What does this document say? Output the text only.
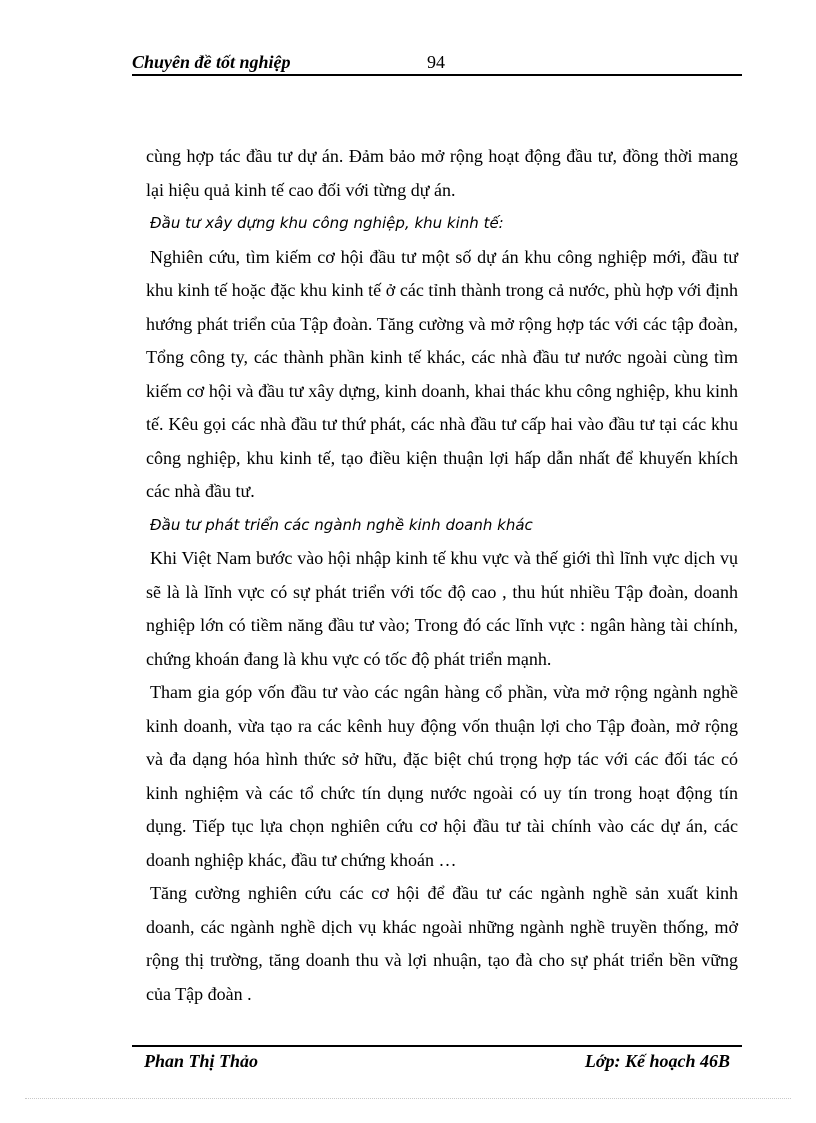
Chuyên đề tốt nghiệp	94

cùng hợp tác đầu tư dự án. Đảm bảo mở rộng hoạt động đầu tư, đồng thời mang lại hiệu quả kinh tế cao đối với từng dự án.

Đầu tư xây dựng khu công nghiệp, khu kinh tế:

Nghiên cứu, tìm kiếm cơ hội đầu tư một số dự án khu công nghiệp mới, đầu tư khu kinh tế hoặc đặc khu kinh tế ở các tỉnh thành trong cả nước, phù hợp với định hướng phát triển của Tập đoàn. Tăng cường và mở rộng hợp tác với các tập đoàn, Tổng công ty, các thành phần kinh tế khác, các nhà đầu tư nước ngoài cùng tìm kiếm cơ hội và đầu tư xây dựng, kinh doanh, khai thác khu công nghiệp, khu kinh tế. Kêu gọi các nhà đầu tư thứ phát, các nhà đầu tư cấp hai vào đầu tư tại các khu công nghiệp, khu kinh tế, tạo điều kiện thuận lợi hấp dẫn nhất để khuyến khích các nhà đầu tư.

Đầu tư phát triển các ngành nghề kinh doanh khác

Khi Việt Nam bước vào hội nhập kinh tế khu vực và thế giới thì lĩnh vực dịch vụ sẽ là là lĩnh vực có sự phát triển với tốc độ cao , thu hút nhiều Tập đoàn, doanh nghiệp lớn có tiềm năng đầu tư vào; Trong đó các lĩnh vực : ngân hàng tài chính, chứng khoán đang là khu vực có tốc độ phát triển mạnh.

Tham gia góp vốn đầu tư vào các ngân hàng cổ phần, vừa mở rộng ngành nghề kinh doanh, vừa tạo ra các kênh huy động vốn thuận lợi cho Tập đoàn, mở rộng và đa dạng hóa hình thức sở hữu, đặc biệt chú trọng hợp tác với các đối tác có kinh nghiệm và các tổ chức tín dụng nước ngoài có uy tín trong hoạt động tín dụng. Tiếp tục lựa chọn nghiên cứu cơ hội đầu tư tài chính vào các dự án, các doanh nghiệp khác, đầu tư chứng khoán …

Tăng cường nghiên cứu các cơ hội để đầu tư các ngành nghề sản xuất kinh doanh, các ngành nghề dịch vụ khác ngoài những ngành nghề truyền thống, mở rộng thị trường, tăng doanh thu và lợi nhuận, tạo đà cho sự phát triển bền vững của Tập đoàn .

Phan Thị Thảo	Lớp: Kế hoạch 46B
